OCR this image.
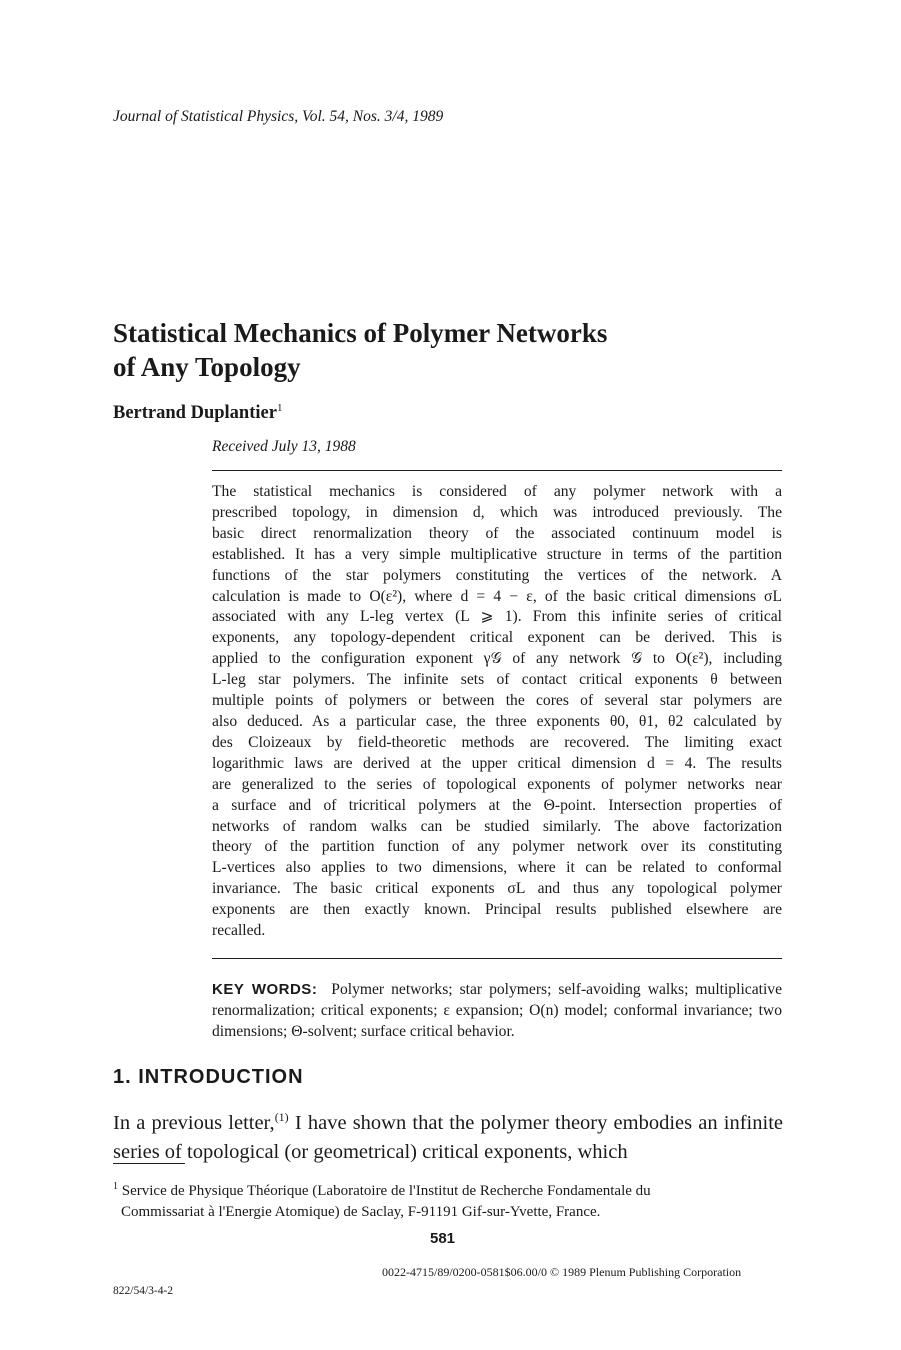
Journal of Statistical Physics, Vol. 54, Nos. 3/4, 1989
Statistical Mechanics of Polymer Networks
of Any Topology
Bertrand Duplantier$^1$
Received July 13, 1988
The statistical mechanics is considered of any polymer network with a
prescribed topology, in dimension d, which was introduced previously. The
basic direct renormalization theory of the associated continuum model is
established. It has a very simple multiplicative structure in terms of the partition
functions of the star polymers constituting the vertices of the network. A
calculation is made to O(ε²), where d = 4 − ε, of the basic critical dimensions σL
associated with any L-leg vertex (L ⩾ 1). From this infinite series of critical
exponents, any topology-dependent critical exponent can be derived. This is
applied to the configuration exponent γ𝒢 of any network 𝒢 to O(ε²), including
L-leg star polymers. The infinite sets of contact critical exponents θ between
multiple points of polymers or between the cores of several star polymers are
also deduced. As a particular case, the three exponents θ0, θ1, θ2 calculated by
des Cloizeaux by field-theoretic methods are recovered. The limiting exact
logarithmic laws are derived at the upper critical dimension d = 4. The results
are generalized to the series of topological exponents of polymer networks near
a surface and of tricritical polymers at the Θ-point. Intersection properties of
networks of random walks can be studied similarly. The above factorization
theory of the partition function of any polymer network over its constituting
L-vertices also applies to two dimensions, where it can be related to conformal
invariance. The basic critical exponents σL and thus any topological polymer
exponents are then exactly known. Principal results published elsewhere are
recalled.
KEY WORDS: Polymer networks; star polymers; self-avoiding walks; multiplicative renormalization; critical exponents; ε expansion; O(n) model; conformal invariance; two dimensions; Θ-solvent; surface critical behavior.
1. INTRODUCTION
In a previous letter,$^{(1)}$ I have shown that the polymer theory embodies an infinite series of topological (or geometrical) critical exponents, which
$^1$ Service de Physique Théorique (Laboratoire de l'Institut de Recherche Fondamentale du
Commissariat à l'Energie Atomique) de Saclay, F-91191 Gif-sur-Yvette, France.
581
0022-4715/89/0200-0581$06.00/0 © 1989 Plenum Publishing Corporation
822/54/3-4-2
